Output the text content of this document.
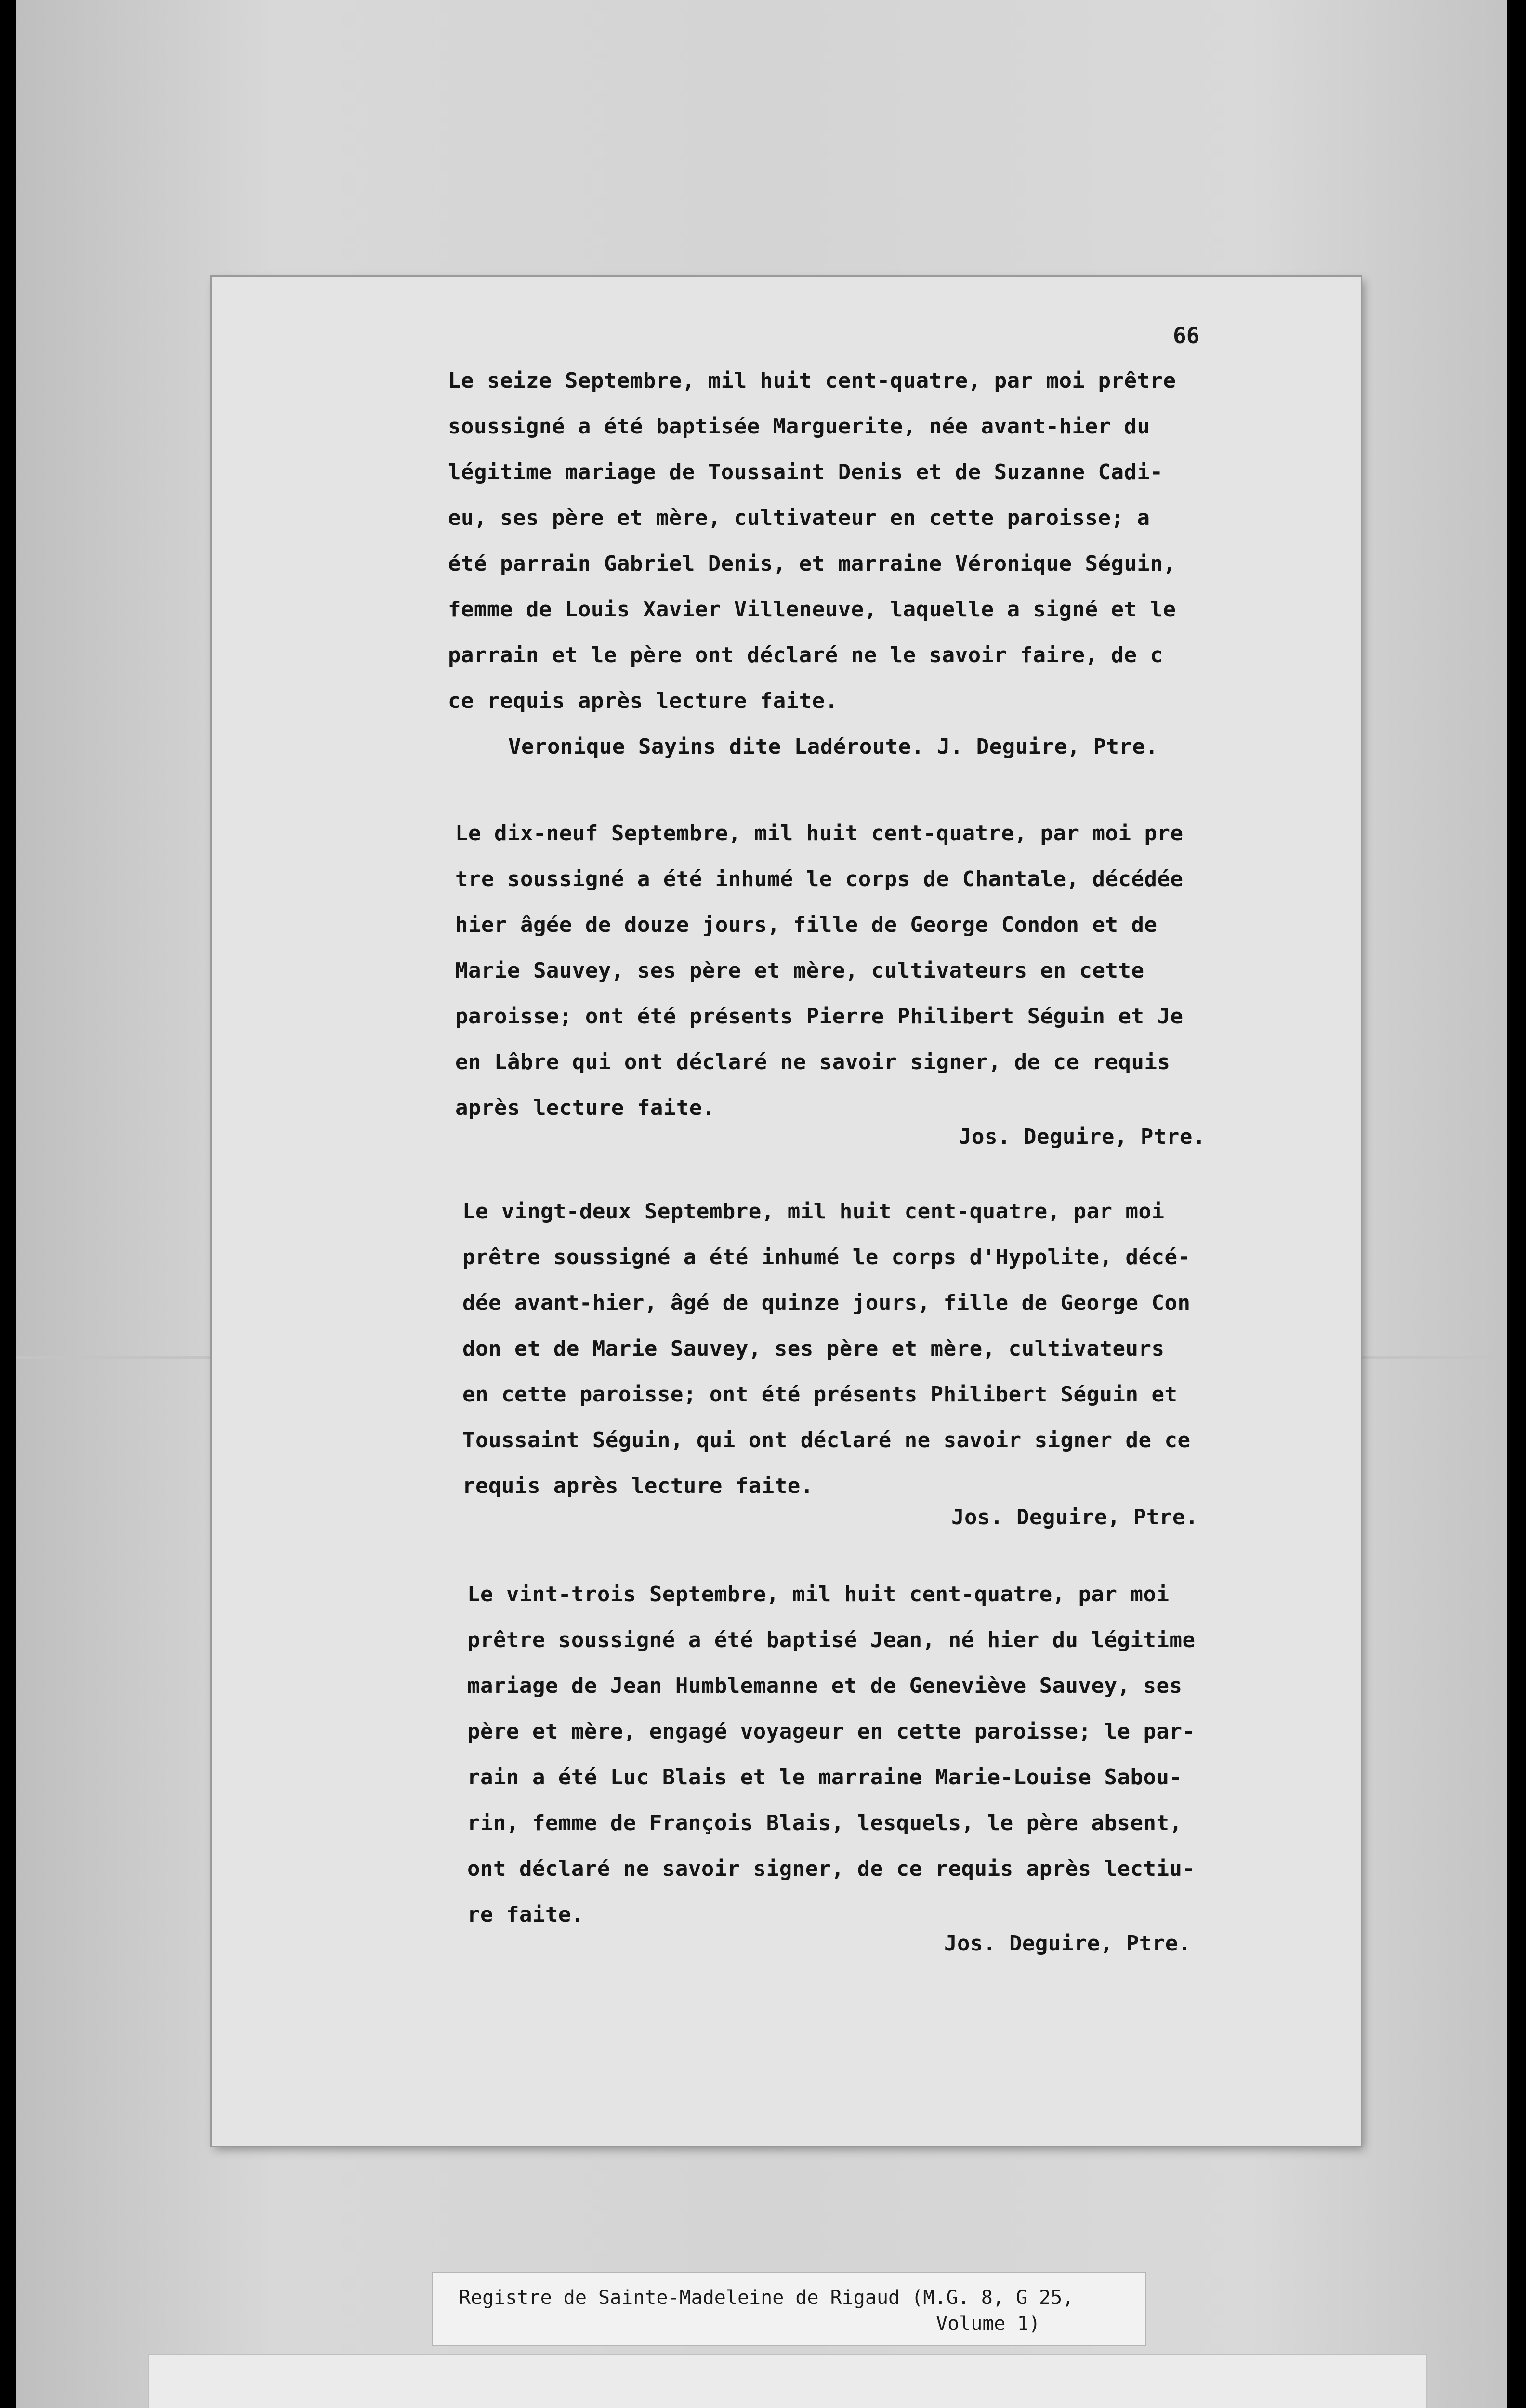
66
Le seize Septembre, mil huit cent-quatre, par moi prêtre
soussigné a été baptisée Marguerite, née avant-hier du
légitime mariage de Toussaint Denis et de Suzanne Cadi-
eu, ses père et mère, cultivateur en cette paroisse; a
été parrain Gabriel Denis, et marraine Véronique Séguin,
femme de Louis Xavier Villeneuve, laquelle a signé et le
parrain et le père ont déclaré ne le savoir faire, de c
ce requis après lecture faite.
Veronique Sayins dite Ladéroute. J. Deguire, Ptre.
Le dix-neuf Septembre, mil huit cent-quatre, par moi pre
tre soussigné a été inhumé le corps de Chantale, décédée
hier âgée de douze jours, fille de George Condon et de
Marie Sauvey, ses père et mère, cultivateurs en cette
paroisse; ont été présents Pierre Philibert Séguin et Je
en Lâbre qui ont déclaré ne savoir signer, de ce requis
après lecture faite.
Jos. Deguire, Ptre.
Le vingt-deux Septembre, mil huit cent-quatre, par moi
prêtre soussigné a été inhumé le corps d'Hypolite, décé-
dée avant-hier, âgé de quinze jours, fille de George Con
don et de Marie Sauvey, ses père et mère, cultivateurs
en cette paroisse; ont été présents Philibert Séguin et
Toussaint Séguin, qui ont déclaré ne savoir signer de ce
requis après lecture faite.
Jos. Deguire, Ptre.
Le vint-trois Septembre, mil huit cent-quatre, par moi
prêtre soussigné a été baptisé Jean, né hier du légitime
mariage de Jean Humblemanne et de Geneviève Sauvey, ses
père et mère, engagé voyageur en cette paroisse; le par-
rain a été Luc Blais et le marraine Marie-Louise Sabou-
rin, femme de François Blais, lesquels, le père absent,
ont déclaré ne savoir signer, de ce requis après lectiu-
re faite.
Jos. Deguire, Ptre.
Registre de Sainte-Madeleine de Rigaud (M.G. 8, G 25,
Volume 1)
